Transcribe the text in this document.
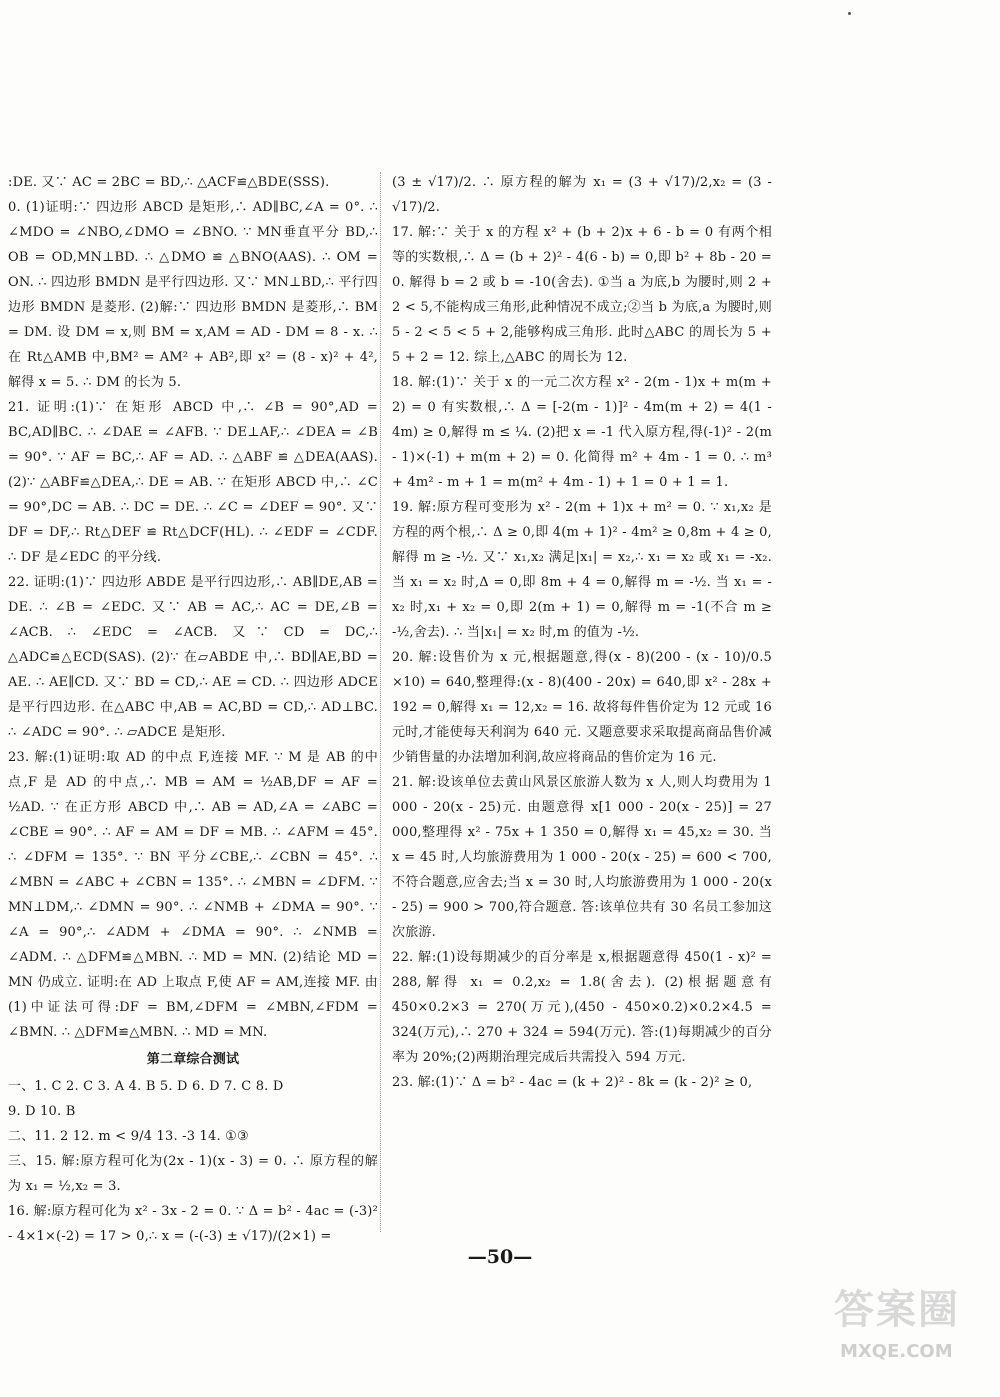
:DE. 又∵ AC = 2BC = BD,∴ △ACF≌△BDE(SSS).

0. (1)证明:∵ 四边形 ABCD 是矩形,∴ AD∥BC,∠A = 0°. ∴ ∠MDO = ∠NBO,∠DMO = ∠BNO. ∵ MN垂直平分 BD,∴ OB = OD,MN⊥BD. ∴ △DMO ≌ △BNO(AAS). ∴ OM = ON. ∴ 四边形 BMDN 是平行四边形. 又∵ MN⊥BD,∴ 平行四边形 BMDN 是菱形. (2)解:∵ 四边形 BMDN 是菱形,∴ BM = DM. 设 DM = x,则 BM = x,AM = AD - DM = 8 - x. ∴ 在 Rt△AMB 中,BM² = AM² + AB²,即 x² = (8 - x)² + 4²,解得 x = 5. ∴ DM 的长为 5.

21. 证明:(1)∵ 在矩形 ABCD 中,∴ ∠B = 90°,AD = BC,AD∥BC. ∴ ∠DAE = ∠AFB. ∵ DE⊥AF,∴ ∠DEA = ∠B = 90°. ∵ AF = BC,∴ AF = AD. ∴ △ABF ≌ △DEA(AAS). (2)∵ △ABF≌△DEA,∴ DE = AB. ∵ 在矩形 ABCD 中,∴ ∠C = 90°,DC = AB. ∴ DC = DE. ∴ ∠C = ∠DEF = 90°. 又∵ DF = DF,∴ Rt△DEF ≌ Rt△DCF(HL). ∴ ∠EDF = ∠CDF. ∴ DF 是∠EDC 的平分线.

22. 证明:(1)∵ 四边形 ABDE 是平行四边形,∴ AB∥DE,AB = DE. ∴ ∠B = ∠EDC. 又∵ AB = AC,∴ AC = DE,∠B = ∠ACB. ∴ ∠EDC = ∠ACB. 又∵ CD = DC,∴ △ADC≌△ECD(SAS). (2)∵ 在▱ABDE 中,∴ BD∥AE,BD = AE. ∴ AE∥CD. 又∵ BD = CD,∴ AE = CD. ∴ 四边形 ADCE 是平行四边形. 在△ABC 中,AB = AC,BD = CD,∴ AD⊥BC. ∴ ∠ADC = 90°. ∴ ▱ADCE 是矩形.

23. 解:(1)证明:取 AD 的中点 F,连接 MF. ∵ M 是 AB 的中点,F 是 AD 的中点,∴ MB = AM = ½AB,DF = AF = ½AD. ∵ 在正方形 ABCD 中,∴ AB = AD,∠A = ∠ABC = ∠CBE = 90°. ∴ AF = AM = DF = MB. ∴ ∠AFM = 45°. ∴ ∠DFM = 135°. ∵ BN 平分∠CBE,∴ ∠CBN = 45°. ∴ ∠MBN = ∠ABC + ∠CBN = 135°. ∴ ∠MBN = ∠DFM. ∵ MN⊥DM,∴ ∠DMN = 90°. ∴ ∠NMB + ∠DMA = 90°. ∵ ∠A = 90°,∴ ∠ADM + ∠DMA = 90°. ∴ ∠NMB = ∠ADM. ∴ △DFM≌△MBN. ∴ MD = MN. (2)结论 MD = MN 仍成立. 证明:在 AD 上取点 F,使 AF = AM,连接 MF. 由(1)中证法可得:DF = BM,∠DFM = ∠MBN,∠FDM = ∠BMN. ∴ △DFM≌△MBN. ∴ MD = MN.

第二章综合测试

一、1. C 2. C 3. A 4. B 5. D 6. D 7. C 8. D

9. D 10. B

二、11. 2 12. m < 9/4 13. -3 14. ①③

三、15. 解:原方程可化为(2x - 1)(x - 3) = 0. ∴ 原方程的解为 x₁ = ½,x₂ = 3.

16. 解:原方程可化为 x² - 3x - 2 = 0. ∵ Δ = b² - 4ac = (-3)² - 4×1×(-2) = 17 > 0,∴ x = (-(-3) ± √17)/(2×1) =

(3 ± √17)/2. ∴ 原方程的解为 x₁ = (3 + √17)/2,x₂ = (3 - √17)/2.

17. 解:∵ 关于 x 的方程 x² + (b + 2)x + 6 - b = 0 有两个相等的实数根,∴ Δ = (b + 2)² - 4(6 - b) = 0,即 b² + 8b - 20 = 0. 解得 b = 2 或 b = -10(舍去). ①当 a 为底,b 为腰时,则 2 + 2 < 5,不能构成三角形,此种情况不成立;②当 b 为底,a 为腰时,则 5 - 2 < 5 < 5 + 2,能够构成三角形. 此时△ABC 的周长为 5 + 5 + 2 = 12. 综上,△ABC 的周长为 12.

18. 解:(1)∵ 关于 x 的一元二次方程 x² - 2(m - 1)x + m(m + 2) = 0 有实数根,∴ Δ = [-2(m - 1)]² - 4m(m + 2) = 4(1 - 4m) ≥ 0,解得 m ≤ ¼. (2)把 x = -1 代入原方程,得(-1)² - 2(m - 1)×(-1) + m(m + 2) = 0. 化简得 m² + 4m - 1 = 0. ∴ m³ + 4m² - m + 1 = m(m² + 4m - 1) + 1 = 0 + 1 = 1.

19. 解:原方程可变形为 x² - 2(m + 1)x + m² = 0. ∵ x₁,x₂ 是方程的两个根,∴ Δ ≥ 0,即 4(m + 1)² - 4m² ≥ 0,8m + 4 ≥ 0,解得 m ≥ -½. 又∵ x₁,x₂ 满足|x₁| = x₂,∴ x₁ = x₂ 或 x₁ = -x₂. 当 x₁ = x₂ 时,Δ = 0,即 8m + 4 = 0,解得 m = -½. 当 x₁ = -x₂ 时,x₁ + x₂ = 0,即 2(m + 1) = 0,解得 m = -1(不合 m ≥ -½,舍去). ∴ 当|x₁| = x₂ 时,m 的值为 -½.

20. 解:设售价为 x 元,根据题意,得(x - 8)(200 - (x - 10)/0.5 ×10) = 640,整理得:(x - 8)(400 - 20x) = 640,即 x² - 28x + 192 = 0,解得 x₁ = 12,x₂ = 16. 故将每件售价定为 12 元或 16 元时,才能使每天利润为 640 元. 又题意要求采取提高商品售价减少销售量的办法增加利润,故应将商品的售价定为 16 元.

21. 解:设该单位去黄山风景区旅游人数为 x 人,则人均费用为 1 000 - 20(x - 25)元. 由题意得 x[1 000 - 20(x - 25)] = 27 000,整理得 x² - 75x + 1 350 = 0,解得 x₁ = 45,x₂ = 30. 当 x = 45 时,人均旅游费用为 1 000 - 20(x - 25) = 600 < 700,不符合题意,应舍去;当 x = 30 时,人均旅游费用为 1 000 - 20(x - 25) = 900 > 700,符合题意. 答:该单位共有 30 名员工参加这次旅游.

22. 解:(1)设每期减少的百分率是 x,根据题意得 450(1 - x)² = 288,解得 x₁ = 0.2,x₂ = 1.8(舍去). (2)根据题意有 450×0.2×3 = 270(万元),(450 - 450×0.2)×0.2×4.5 = 324(万元),∴ 270 + 324 = 594(万元). 答:(1)每期减少的百分率为 20%;(2)两期治理完成后共需投入 594 万元.

23. 解:(1)∵ Δ = b² - 4ac = (k + 2)² - 8k = (k - 2)² ≥ 0,

—50—
答案圈
MXQE.COM
